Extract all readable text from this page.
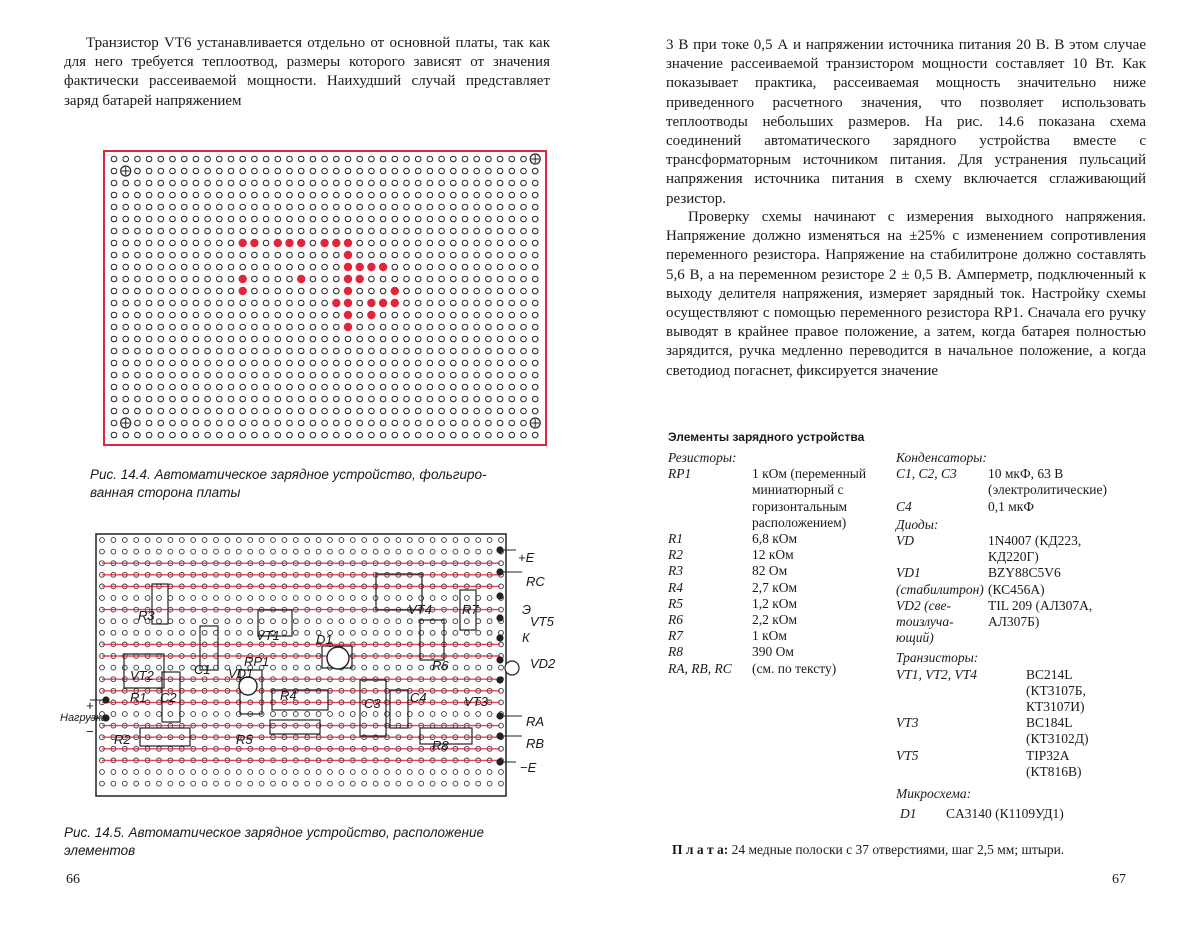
Транзистор VT6 устанавливается отдельно от основной платы, так как для него требуется теплоотвод, размеры которого зависят от значения фактически рассеиваемой мощности. Наихудший случай представляет заряд батарей напряжением

Рис. 14.4. Автоматическое зарядное устройство, фольгиро-
ванная сторона платы
+E
RC
VT5
Э
К
VD2
RA
RB
−E
+
Нагрузка
−
R3
VT1
VT4 R7
D1
RP1
C1
VT2	VD1
R6
R1 C2	R4	C4	VT3
C3
R2	R5	R8
Рис. 14.5. Автоматическое зарядное устройство, расположение
элементов
66

3 В при токе 0,5 А и напряжении источника питания 20 В. В этом случае значение рассеиваемой транзистором мощности составляет 10 Вт. Как показывает практика, рассеиваемая мощность значительно ниже приведенного расчетного значения, что позволяет использовать теплоотводы небольших размеров. На рис. 14.6 показана схема соединений автоматического зарядного устройства вместе с трансформаторным источником питания. Для устранения пульсаций напряжения источника питания в схему включается сглаживающий резистор.

Проверку схемы начинают с измерения выходного напряжения. Напряжение должно изменяться на ±25% с изменением сопротивления переменного резистора. Напряжение на стабилитроне должно составлять 5,6 В, а на переменном резисторе 2 ± 0,5 В. Амперметр, подключенный к выходу делителя напряжения, измеряет зарядный ток. Настройку схемы осуществляют с помощью переменного резистора RP1. Сначала его ручку выводят в крайнее правое положение, а затем, когда батарея полностью зарядится, ручка медленно переводится в начальное положение, а когда светодиод погаснет, фиксируется значение

Элементы зарядного устройства
Резисторы:
RP1	1 кОм (переменный миниатюрный с горизонтальным расположением)
R1	6,8 кОм
R2	12 кОм
R3	82 Ом
R4	2,7 кОм
R5	1,2 кОм
R6	2,2 кОм
R7	1 кОм
R8	390 Ом
RA, RB, RC	(см. по тексту)
Конденсаторы:
C1, C2, C3	10 мкФ, 63 В
(электролитические)
C4	0,1 мкФ
Диоды:
VD	1N4007 (КД223,
КД220Г)
VD1	BZY88C5V6
(стабилитрон) (КС456А)
VD2 (све-	TIL 209 (АЛ307А,
тоизлуча-	АЛ307Б)
ющий)
Транзисторы:
VT1, VT2, VT4	BC214L
(КТ3107Б,
КТ3107И)
VT3	BC184L
(КТ3102Д)
VT5	TIP32A
(КТ816В)
Микросхема:
D1	CA3140 (К1109УД1)
П л а т а: 24 медные полоски с 37 отверстиями, шаг 2,5 мм; штыри.
67
